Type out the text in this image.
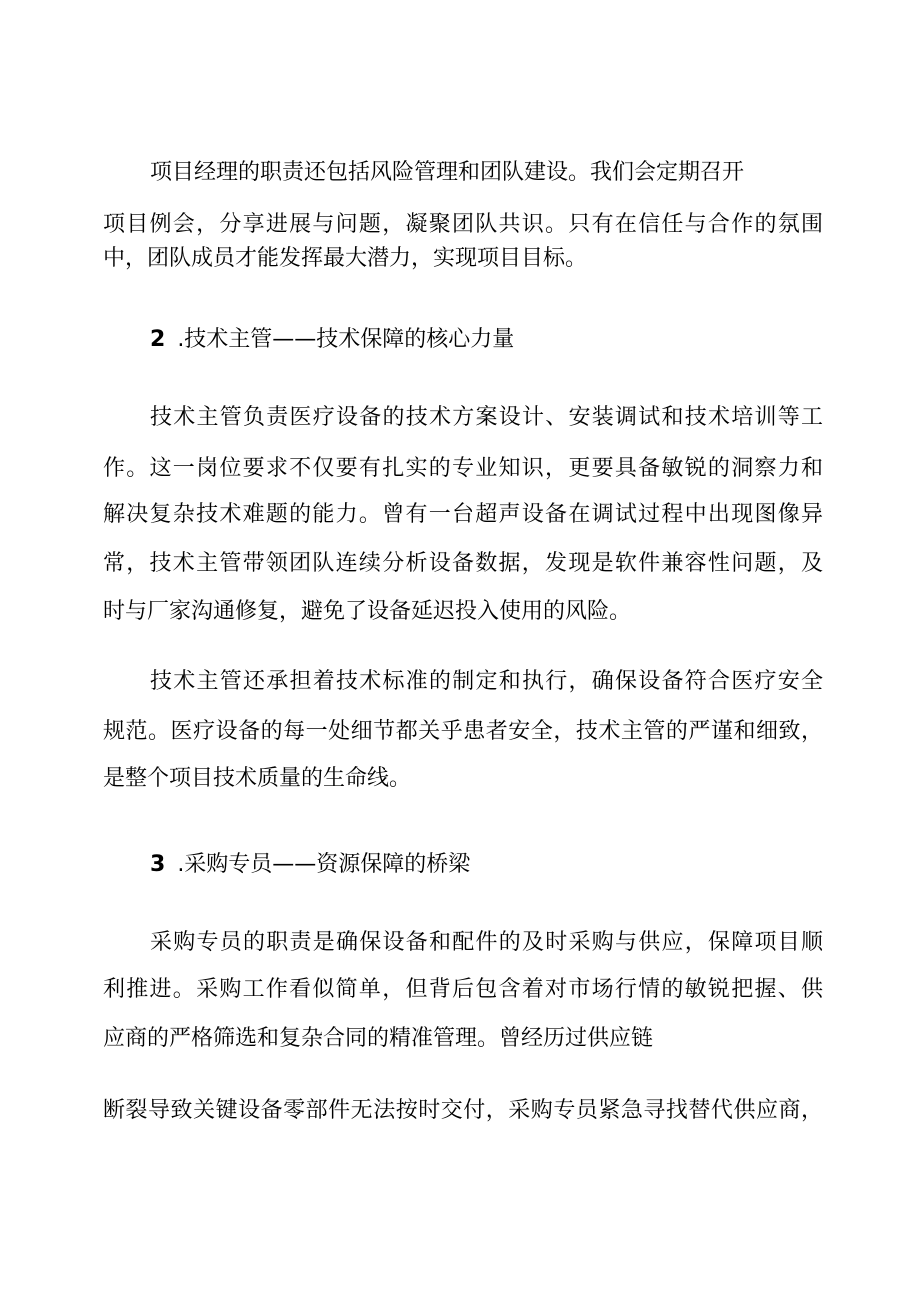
项目经理的职责还包括风险管理和团队建设。我们会定期召开
项目例会，分享进展与问题，凝聚团队共识。只有在信任与合作的氛围
中，团队成员才能发挥最大潜力，实现项目目标。
2 .技术主管——技术保障的核心力量
技术主管负责医疗设备的技术方案设计、安装调试和技术培训等工
作。这一岗位要求不仅要有扎实的专业知识，更要具备敏锐的洞察力和
解决复杂技术难题的能力。曾有一台超声设备在调试过程中出现图像异
常，技术主管带领团队连续分析设备数据，发现是软件兼容性问题，及
时与厂家沟通修复，避免了设备延迟投入使用的风险。
技术主管还承担着技术标准的制定和执行，确保设备符合医疗安全
规范。医疗设备的每一处细节都关乎患者安全，技术主管的严谨和细致，
是整个项目技术质量的生命线。
3 .采购专员——资源保障的桥梁
采购专员的职责是确保设备和配件的及时采购与供应，保障项目顺
利推进。采购工作看似简单，但背后包含着对市场行情的敏锐把握、供
应商的严格筛选和复杂合同的精准管理。曾经历过供应链
断裂导致关键设备零部件无法按时交付，采购专员紧急寻找替代供应商，
